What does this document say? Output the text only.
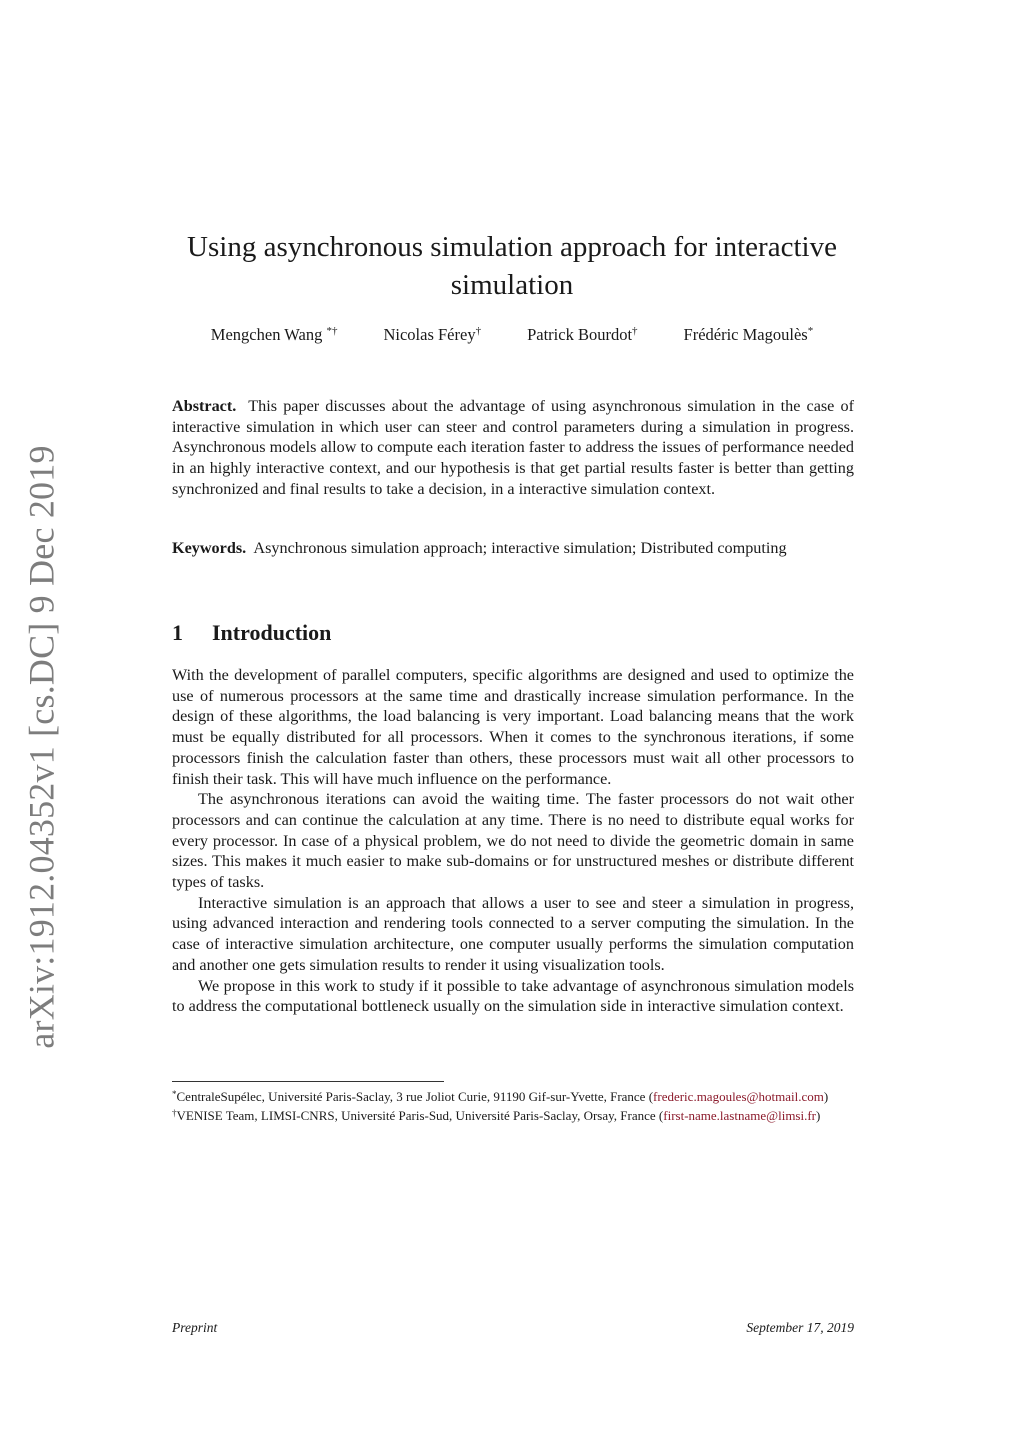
arXiv:1912.04352v1 [cs.DC] 9 Dec 2019
Using asynchronous simulation approach for interactive simulation
Mengchen Wang *†	Nicolas Férey†	Patrick Bourdot†	Frédéric Magoulès*

Abstract. This paper discusses about the advantage of using asynchronous simulation in the case of interactive simulation in which user can steer and control parameters during a simulation in progress. Asynchronous models allow to compute each iteration faster to address the issues of performance needed in an highly interactive context, and our hypothesis is that get partial results faster is better than getting synchronized and final results to take a decision, in a interactive simulation context.

Keywords. Asynchronous simulation approach; interactive simulation; Distributed computing

1 Introduction

With the development of parallel computers, specific algorithms are designed and used to optimize the use of numerous processors at the same time and drastically increase simulation performance. In the design of these algorithms, the load balancing is very important. Load balancing means that the work must be equally distributed for all processors. When it comes to the synchronous iterations, if some processors finish the calculation faster than others, these processors must wait all other processors to finish their task. This will have much influence on the performance.

The asynchronous iterations can avoid the waiting time. The faster processors do not wait other processors and can continue the calculation at any time. There is no need to distribute equal works for every processor. In case of a physical problem, we do not need to divide the geometric domain in same sizes. This makes it much easier to make sub-domains or for unstructured meshes or distribute different types of tasks.

Interactive simulation is an approach that allows a user to see and steer a simulation in progress, using advanced interaction and rendering tools connected to a server computing the simulation. In the case of interactive simulation architecture, one computer usually performs the simulation computation and another one gets simulation results to render it using visualization tools.

We propose in this work to study if it possible to take advantage of asynchronous simulation models to address the computational bottleneck usually on the simulation side in interactive simulation context.

*CentraleSupélec, Université Paris-Saclay, 3 rue Joliot Curie, 91190 Gif-sur-Yvette, France (frederic.magoules@hotmail.com)

†VENISE Team, LIMSI-CNRS, Université Paris-Sud, Université Paris-Saclay, Orsay, France (first-name.lastname@limsi.fr)

Preprint	September 17, 2019
